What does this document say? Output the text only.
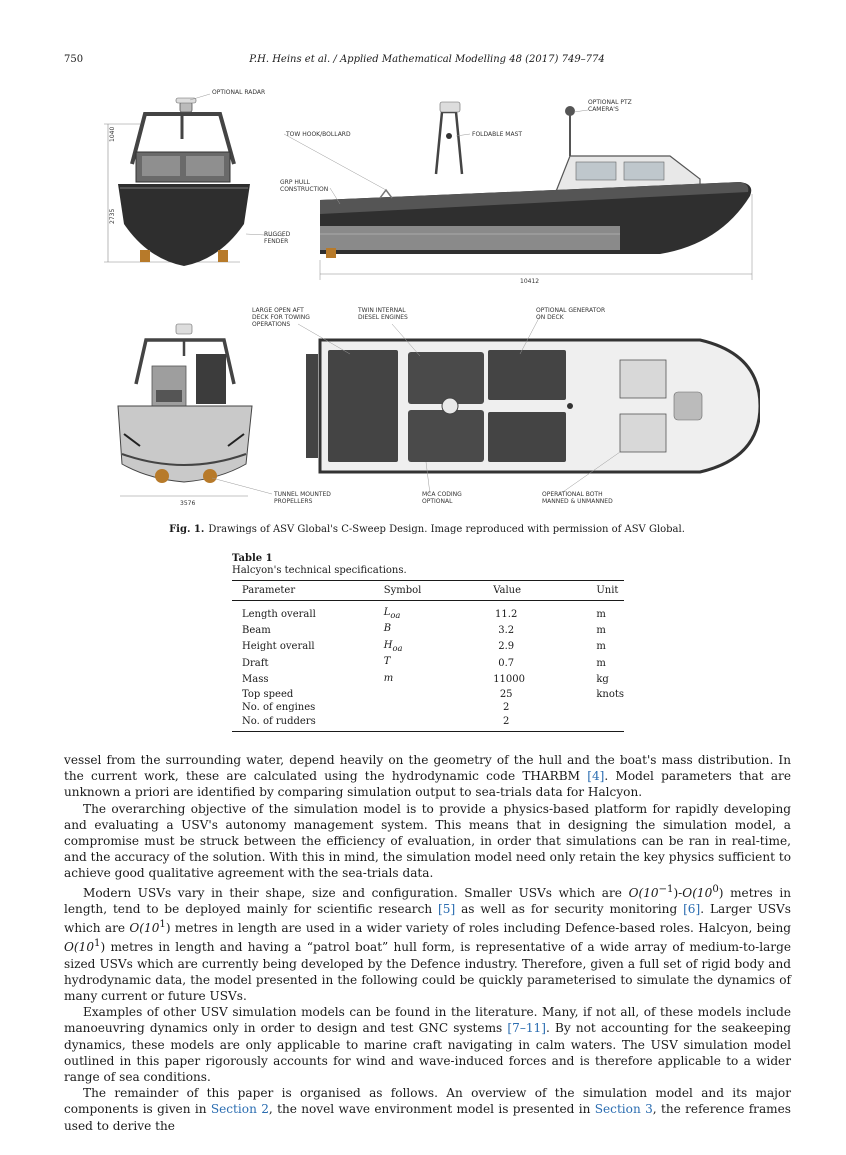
750	P.H. Heins et al. / Applied Mathematical Modelling 48 (2017) 749–774
1040
2735
10412
OPTIONAL RADAR
TOW HOOK/BOLLARD	FOLDABLE MAST
OPTIONAL PTZ
CAMERA'S
GRP HULL
CONSTRUCTION
RUGGED
FENDER
3576
LARGE OPEN AFT
DECK FOR TOWING
OPERATIONS
TWIN INTERNAL
DIESEL ENGINES
OPTIONAL GENERATOR
ON DECK
TUNNEL MOUNTED
PROPELLERS
MCA CODING
OPTIONAL
OPERATIONAL BOTH
MANNED & UNMANNED
Fig. 1. Drawings of ASV Global's C-Sweep Design. Image reproduced with permission of ASV Global.
Table 1
Halcyon's technical specifications.
Parameter	Symbol	Value	Unit
Length overall	$L_{oa}$	11.2	m
Beam	B	3.2	m
Height overall	$H_{oa}$	2.9	m
Draft	T	0.7	m
Mass	m	11000	kg
Top speed		25	knots
No. of engines		2	
No. of rudders		2	

vessel from the surrounding water, depend heavily on the geometry of the hull and the boat's mass distribution. In the current work, these are calculated using the hydrodynamic code THARBM [4]. Model parameters that are unknown a priori are identified by comparing simulation output to sea-trials data for Halcyon.

The overarching objective of the simulation model is to provide a physics-based platform for rapidly developing and evaluating a USV's autonomy management system. This means that in designing the simulation model, a compromise must be struck between the efficiency of evaluation, in order that simulations can be ran in real-time, and the accuracy of the solution. With this in mind, the simulation model need only retain the key physics sufficient to achieve good qualitative agreement with the sea-trials data.

Modern USVs vary in their shape, size and configuration. Smaller USVs which are $O(10^{-1})-O(10^0)$ metres in length, tend to be deployed mainly for scientific research [5] as well as for security monitoring [6]. Larger USVs which are $O(10^1)$ metres in length are used in a wider variety of roles including Defence-based roles. Halcyon, being $O(10^1)$ metres in length and having a “patrol boat” hull form, is representative of a wide array of medium-to-large sized USVs which are currently being developed by the Defence industry. Therefore, given a full set of rigid body and hydrodynamic data, the model presented in the following could be quickly parameterised to simulate the dynamics of many current or future USVs.

Examples of other USV simulation models can be found in the literature. Many, if not all, of these models include manoeuvring dynamics only in order to design and test GNC systems [7–11]. By not accounting for the seakeeping dynamics, these models are only applicable to marine craft navigating in calm waters. The USV simulation model outlined in this paper rigorously accounts for wind and wave-induced forces and is therefore applicable to a wider range of sea conditions.

The remainder of this paper is organised as follows. An overview of the simulation model and its major components is given in Section 2, the novel wave environment model is presented in Section 3, the reference frames used to derive the
